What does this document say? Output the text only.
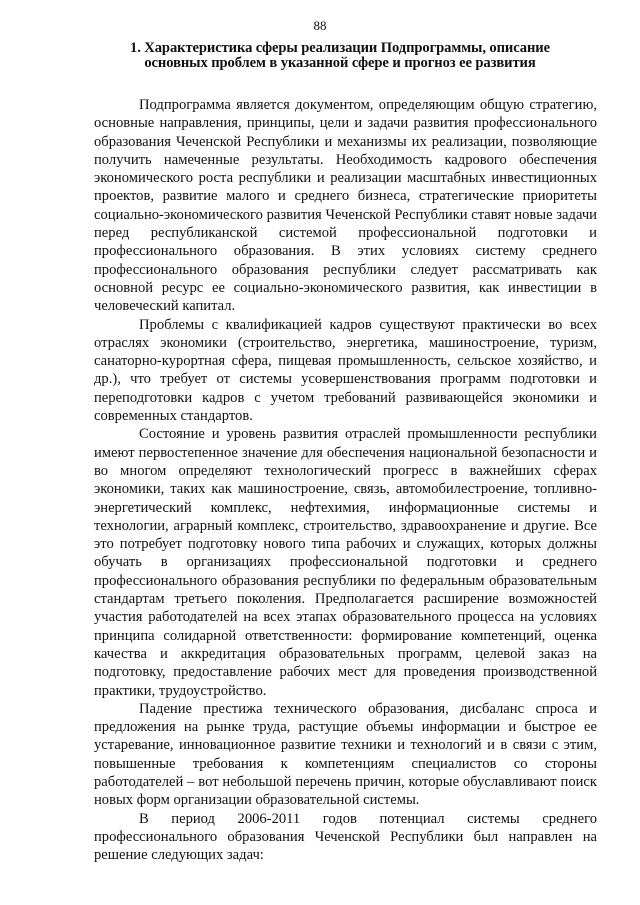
88
1. Характеристика сферы реализации Подпрограммы, описание
основных проблем в указанной сфере и прогноз ее развития

Подпрограмма является документом, определяющим общую стратегию, основные направления, принципы, цели и задачи развития профессионального образования Чеченской Республики и механизмы их реализации, позволяющие получить намеченные результаты. Необходимость кадрового обеспечения экономического роста республики и реализации масштабных инвестиционных проектов, развитие малого и среднего бизнеса, стратегические приоритеты социально-экономического развития Чеченской Республики ставят новые задачи перед республиканской системой профессиональной подготовки и профессионального образования. В этих условиях систему среднего профессионального образования республики следует рассматривать как основной ресурс ее социально-экономического развития, как инвестиции в человеческий капитал.

Проблемы с квалификацией кадров существуют практически во всех отраслях экономики (строительство, энергетика, машиностроение, туризм, санаторно-курортная сфера, пищевая промышленность, сельское хозяйство, и др.), что требует от системы усовершенствования программ подготовки и переподготовки кадров с учетом требований развивающейся экономики и современных стандартов.

Состояние и уровень развития отраслей промышленности республики имеют первостепенное значение для обеспечения национальной безопасности и во многом определяют технологический прогресс в важнейших сферах экономики, таких как машиностроение, связь, автомобилестроение, топливно-энергетический комплекс, нефтехимия, информационные системы и технологии, аграрный комплекс, строительство, здравоохранение и другие. Все это потребует подготовку нового типа рабочих и служащих, которых должны обучать в организациях профессиональной подготовки и среднего профессионального образования республики по федеральным образовательным стандартам третьего поколения. Предполагается расширение возможностей участия работодателей на всех этапах образовательного процесса на условиях принципа солидарной ответственности: формирование компетенций, оценка качества и аккредитация образовательных программ, целевой заказ на подготовку, предоставление рабочих мест для проведения производственной практики, трудоустройство.

Падение престижа технического образования, дисбаланс спроса и предложения на рынке труда, растущие объемы информации и быстрое ее устаревание, инновационное развитие техники и технологий и в связи с этим, повышенные требования к компетенциям специалистов со стороны работодателей – вот небольшой перечень причин, которые обуславливают поиск новых форм организации образовательной системы.

В период 2006-2011 годов потенциал системы среднего профессионального образования Чеченской Республики был направлен на решение следующих задач:
